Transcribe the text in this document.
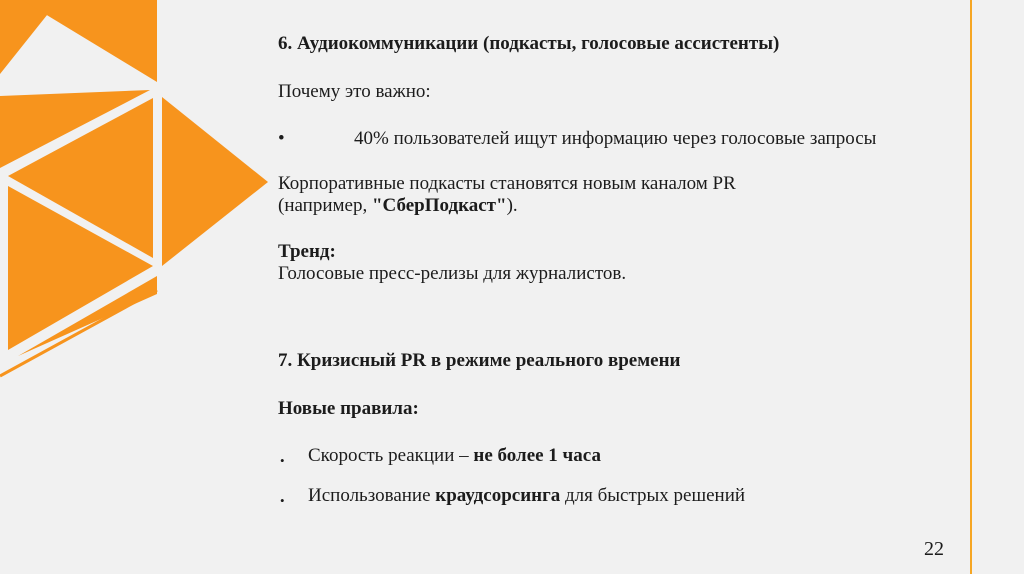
6. Аудиокоммуникации (подкасты, голосовые ассистенты)
Почему это важно:
•	40% пользователей ищут информацию через голосовые запросы
Корпоративные подкасты становятся новым каналом PR
(например, "СберПодкаст").
Тренд:
Голосовые пресс-релизы для журналистов.
7. Кризисный PR в режиме реального времени
Новые правила:
• Скорость реакции – не более 1 часа
• Использование краудсорсинга для быстрых решений
22
